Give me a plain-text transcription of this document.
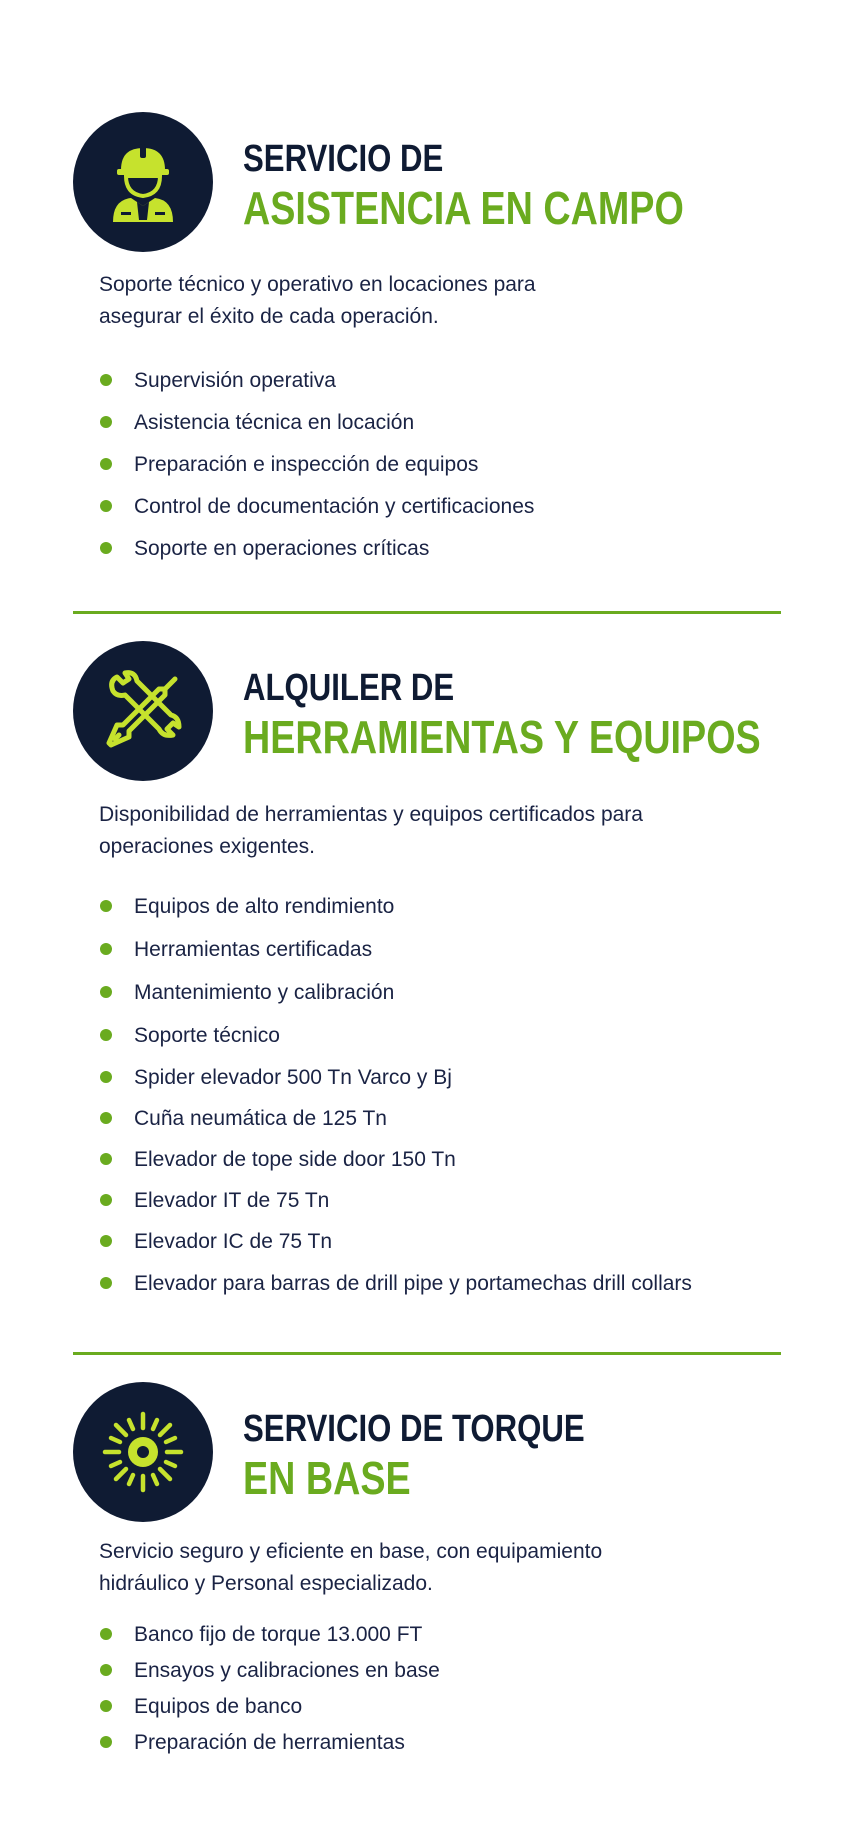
SERVICIO DE
ASISTENCIA EN CAMPO
Soporte técnico y operativo en locaciones para asegurar el éxito de cada operación.
Supervisión operativa
Asistencia técnica en locación
Preparación e inspección de equipos
Control de documentación y certificaciones
Soporte en operaciones críticas
ALQUILER DE
HERRAMIENTAS Y EQUIPOS
Disponibilidad de herramientas y equipos certificados para operaciones exigentes.
Equipos de alto rendimiento
Herramientas certificadas
Mantenimiento y calibración
Soporte técnico
Spider elevador 500 Tn Varco y Bj
Cuña neumática de 125 Tn
Elevador de tope side door 150 Tn
Elevador IT de 75 Tn
Elevador IC de 75 Tn
Elevador para barras de drill pipe y portamechas drill collars
SERVICIO DE TORQUE
EN BASE
Servicio seguro y eficiente en base, con equipamiento hidráulico y Personal especializado.
Banco fijo de torque 13.000 FT
Ensayos y calibraciones en base
Equipos de banco
Preparación de herramientas
